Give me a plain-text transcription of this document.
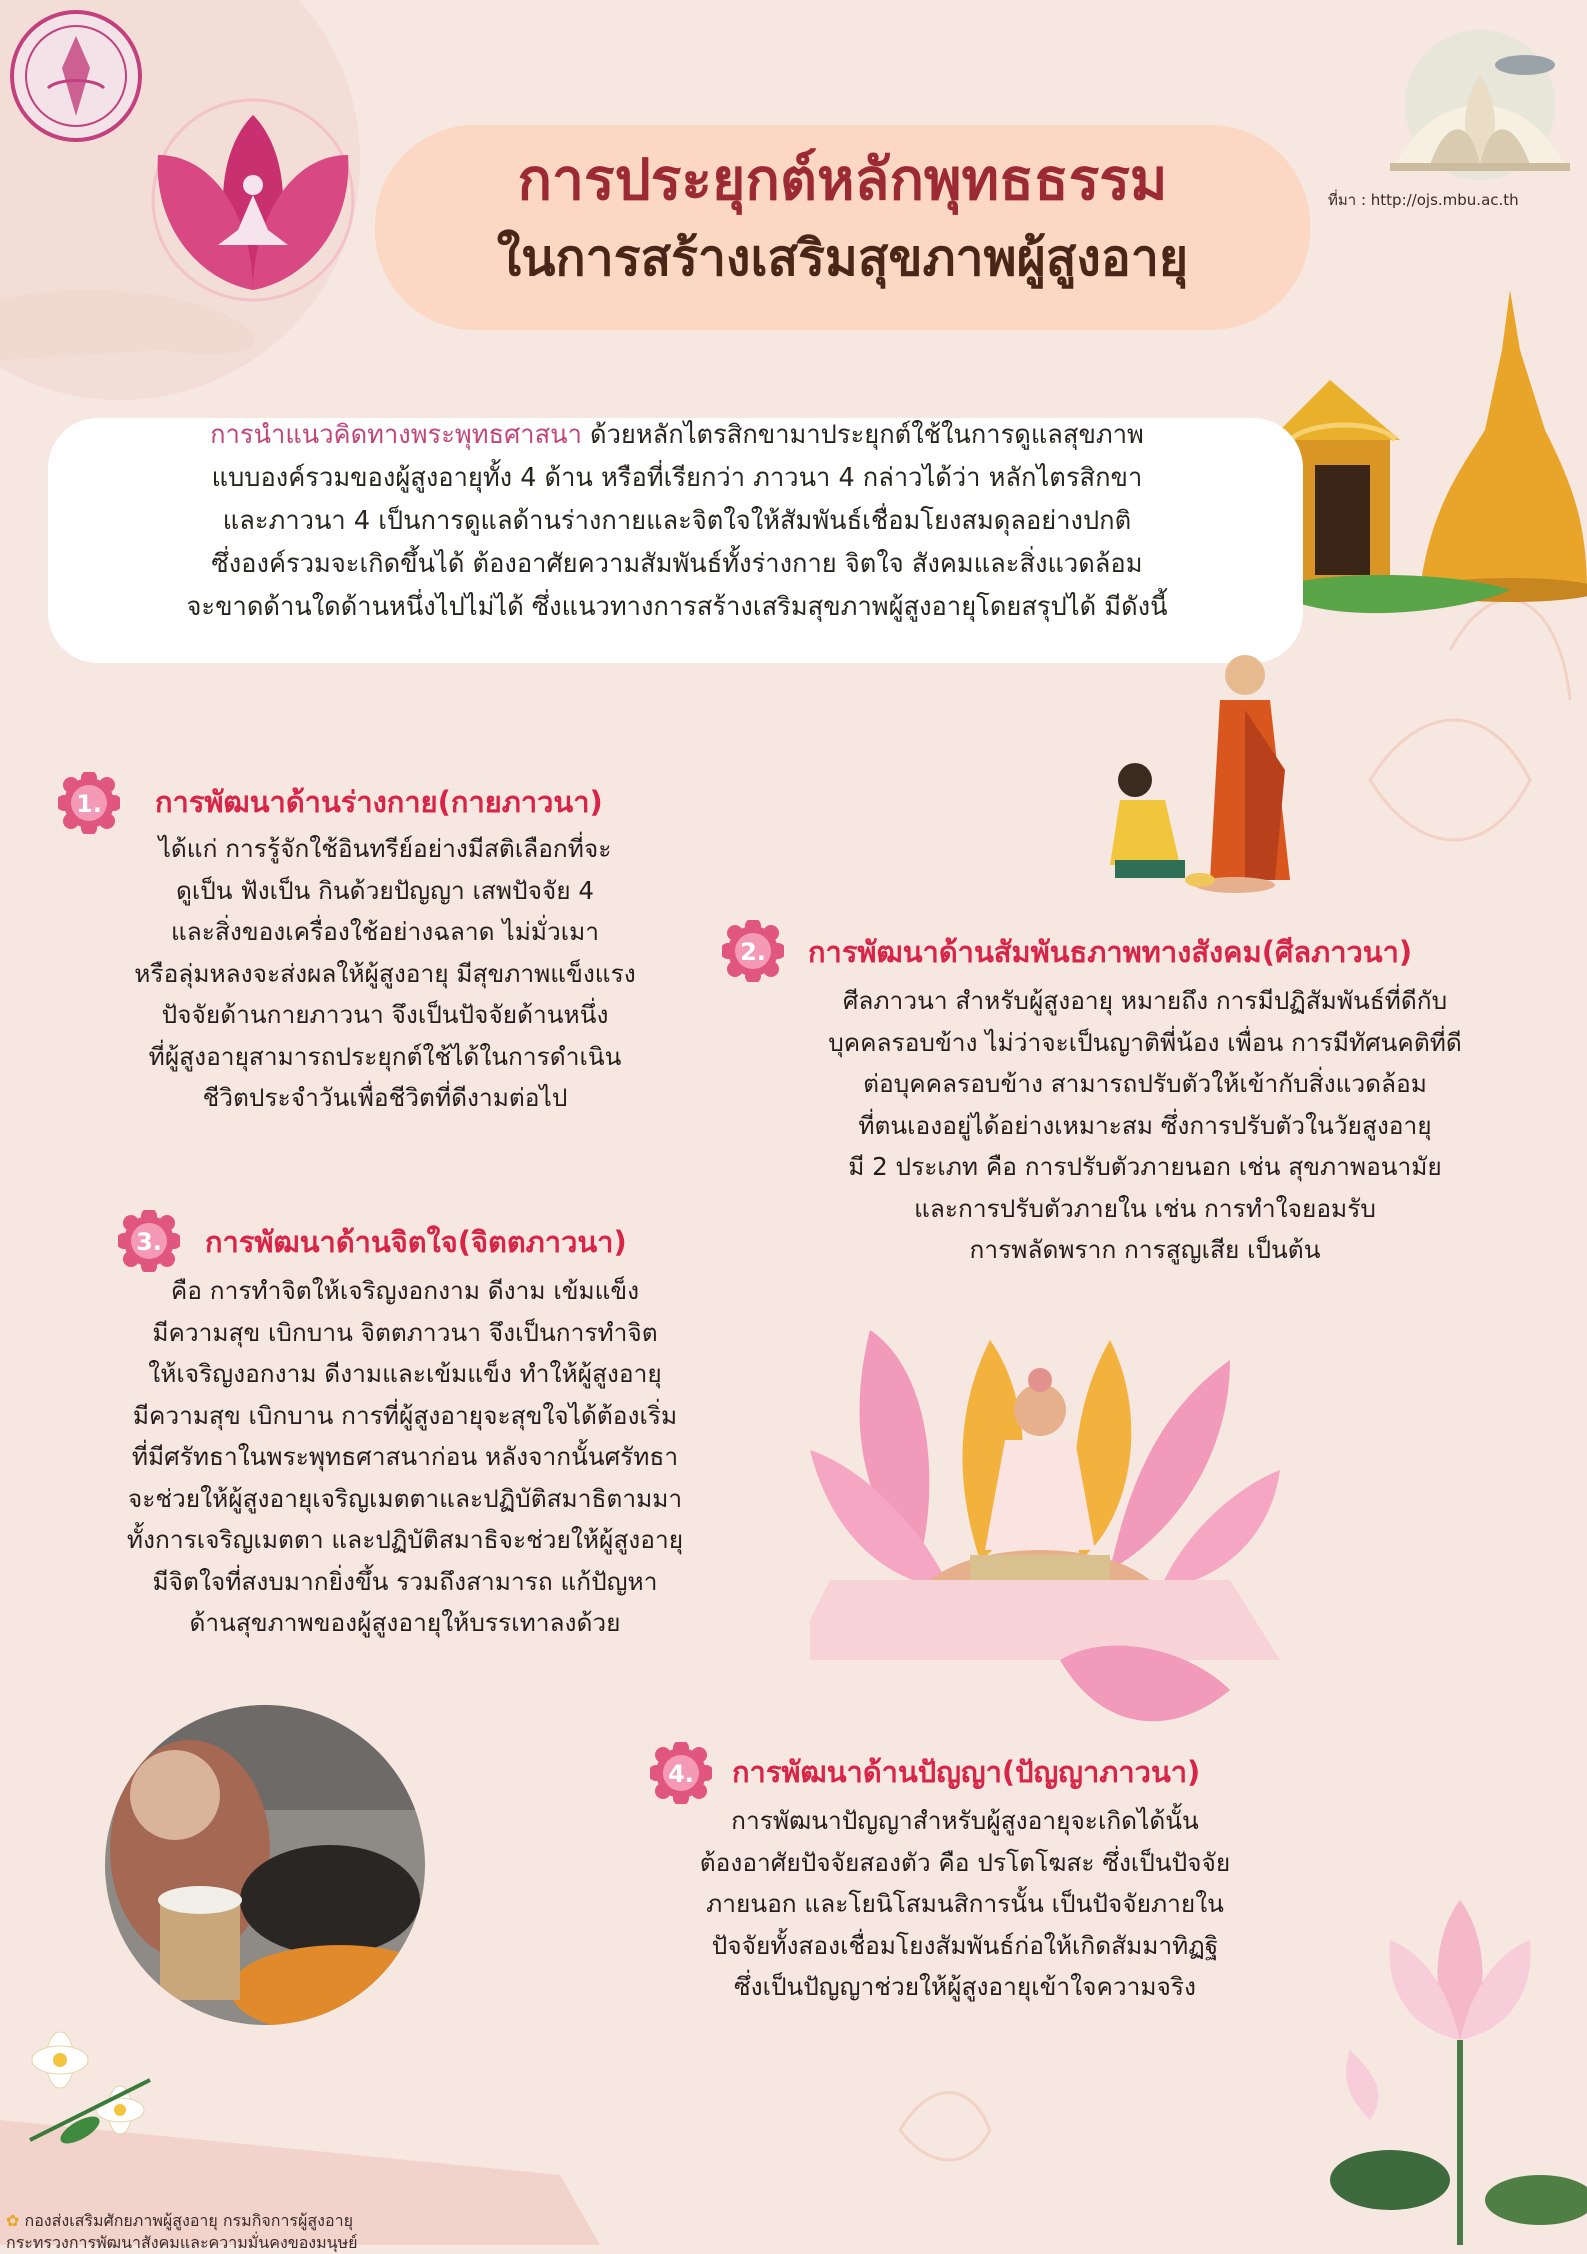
การประยุกต์หลักพุทธธรรม
ในการสร้างเสริมสุขภาพผู้สูงอายุ
ที่มา : http://ojs.mbu.ac.th
การนำแนวคิดทางพระพุทธศาสนา ด้วยหลักไตรสิกขามาประยุกต์ใช้ในการดูแลสุขภาพ
แบบองค์รวมของผู้สูงอายุทั้ง 4 ด้าน หรือที่เรียกว่า ภาวนา 4 กล่าวได้ว่า หลักไตรสิกขา
และภาวนา 4 เป็นการดูแลด้านร่างกายและจิตใจให้สัมพันธ์เชื่อมโยงสมดุลอย่างปกติ
ซึ่งองค์รวมจะเกิดขึ้นได้ ต้องอาศัยความสัมพันธ์ทั้งร่างกาย จิตใจ สังคมและสิ่งแวดล้อม
จะขาดด้านใดด้านหนึ่งไปไม่ได้ ซึ่งแนวทางการสร้างเสริมสุขภาพผู้สูงอายุโดยสรุปได้ มีดังนี้
1. การพัฒนาด้านร่างกาย(กายภาวนา)
ได้แก่ การรู้จักใช้อินทรีย์อย่างมีสติเลือกที่จะ
ดูเป็น ฟังเป็น กินด้วยปัญญา เสพปัจจัย 4
และสิ่งของเครื่องใช้อย่างฉลาด ไม่มั่วเมา
หรือลุ่มหลงจะส่งผลให้ผู้สูงอายุ มีสุขภาพแข็งแรง
ปัจจัยด้านกายภาวนา จึงเป็นปัจจัยด้านหนึ่ง
ที่ผู้สูงอายุสามารถประยุกต์ใช้ได้ในการดำเนิน
ชีวิตประจำวันเพื่อชีวิตที่ดีงามต่อไป
2. การพัฒนาด้านสัมพันธภาพทางสังคม(ศีลภาวนา)
ศีลภาวนา สำหรับผู้สูงอายุ หมายถึง การมีปฏิสัมพันธ์ที่ดีกับ
บุคคลรอบข้าง ไม่ว่าจะเป็นญาติพี่น้อง เพื่อน การมีทัศนคติที่ดี
ต่อบุคคลรอบข้าง สามารถปรับตัวให้เข้ากับสิ่งแวดล้อม
ที่ตนเองอยู่ได้อย่างเหมาะสม ซึ่งการปรับตัวในวัยสูงอายุ
มี 2 ประเภท คือ การปรับตัวภายนอก เช่น สุขภาพอนามัย
และการปรับตัวภายใน เช่น การทำใจยอมรับ
การพลัดพราก การสูญเสีย เป็นต้น
3. การพัฒนาด้านจิตใจ(จิตตภาวนา)
คือ การทำจิตให้เจริญงอกงาม ดีงาม เข้มแข็ง
มีความสุข เบิกบาน จิตตภาวนา จึงเป็นการทำจิต
ให้เจริญงอกงาม ดีงามและเข้มแข็ง ทำให้ผู้สูงอายุ
มีความสุข เบิกบาน การที่ผู้สูงอายุจะสุขใจได้ต้องเริ่ม
ที่มีศรัทธาในพระพุทธศาสนาก่อน หลังจากนั้นศรัทธา
จะช่วยให้ผู้สูงอายุเจริญเมตตาและปฏิบัติสมาธิตามมา
ทั้งการเจริญเมตตา และปฏิบัติสมาธิจะช่วยให้ผู้สูงอายุ
มีจิตใจที่สงบมากยิ่งขึ้น รวมถึงสามารถ แก้ปัญหา
ด้านสุขภาพของผู้สูงอายุให้บรรเทาลงด้วย
4. การพัฒนาด้านปัญญา(ปัญญาภาวนา)
การพัฒนาปัญญาสำหรับผู้สูงอายุจะเกิดได้นั้น
ต้องอาศัยปัจจัยสองตัว คือ ปรโตโฆสะ ซึ่งเป็นปัจจัย
ภายนอก และโยนิโสมนสิการนั้น เป็นปัจจัยภายใน
ปัจจัยทั้งสองเชื่อมโยงสัมพันธ์ก่อให้เกิดสัมมาทิฏฐิ
ซึ่งเป็นปัญญาช่วยให้ผู้สูงอายุเข้าใจความจริง
✿ กองส่งเสริมศักยภาพผู้สูงอายุ กรมกิจการผู้สูงอายุ
กระทรวงการพัฒนาสังคมและความมั่นคงของมนุษย์
